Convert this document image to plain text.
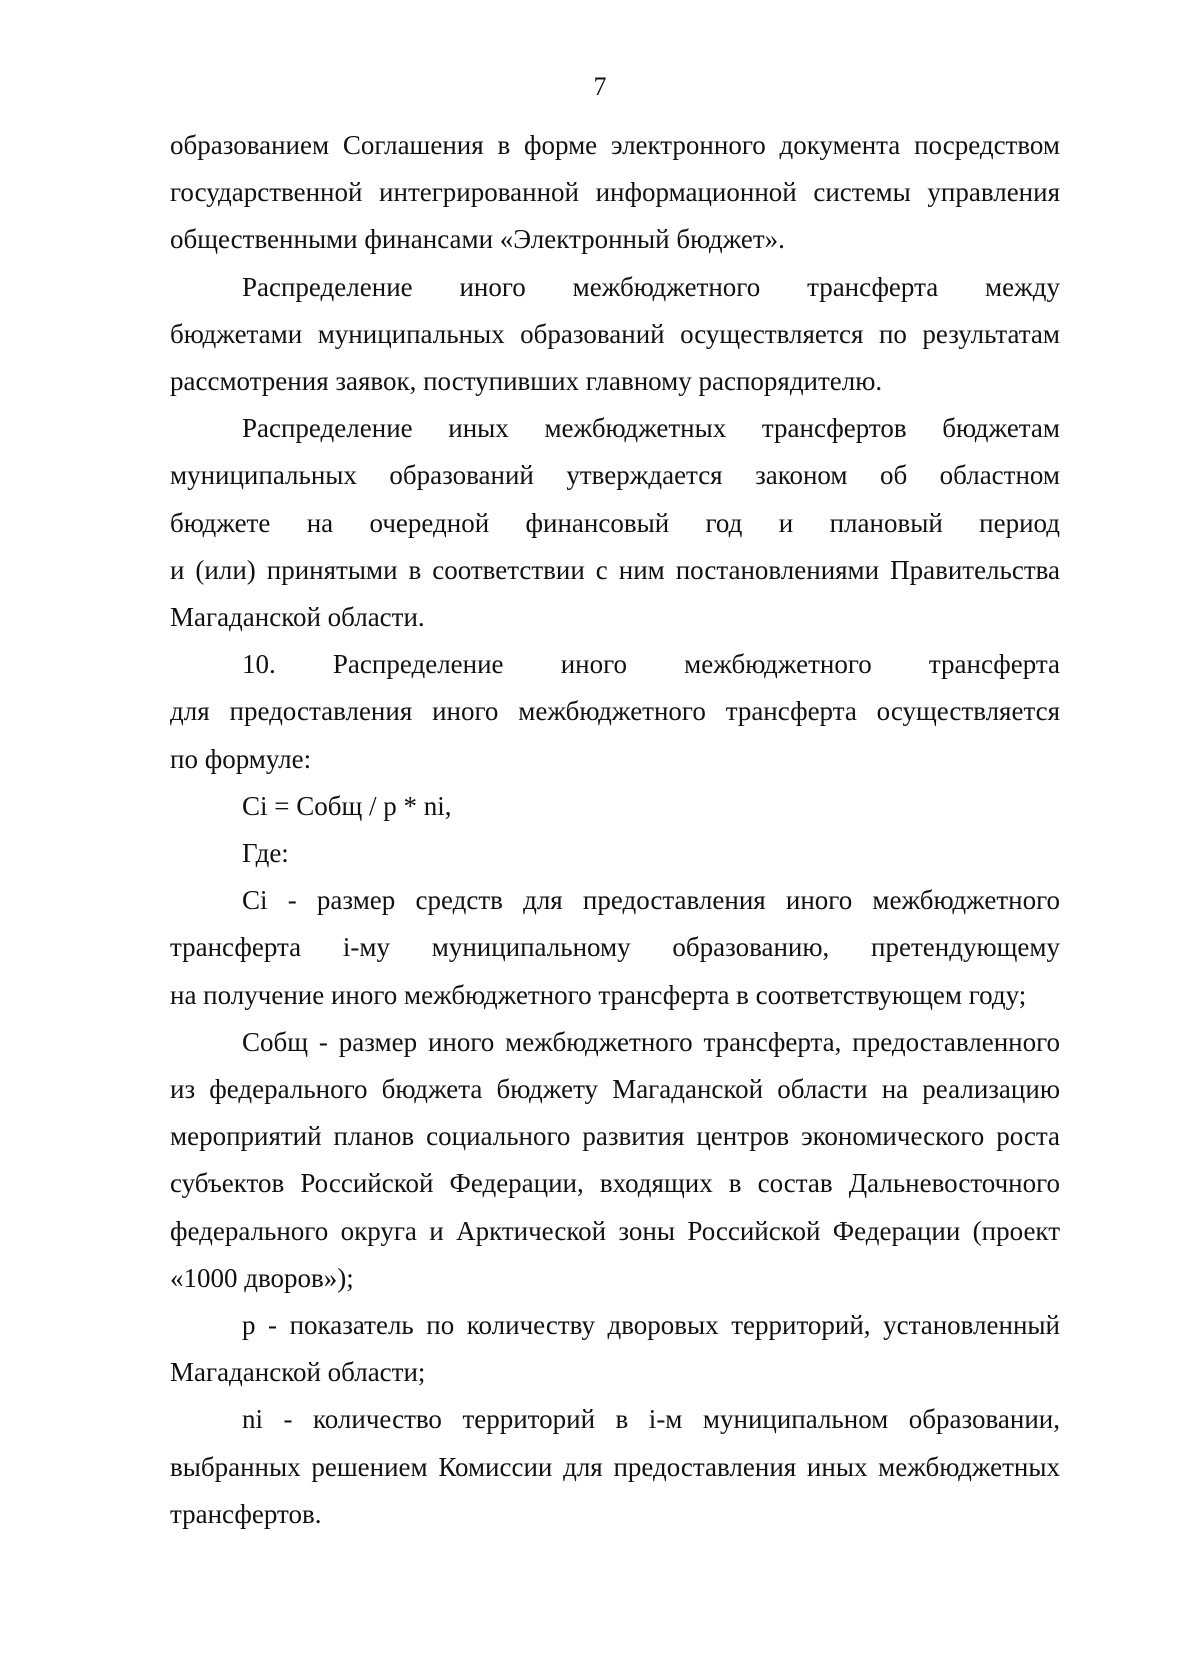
7
образованием Соглашения в форме электронного документа посредством
государственной интегрированной информационной системы управления
общественными финансами «Электронный бюджет».
Распределение иного межбюджетного трансферта между
бюджетами муниципальных образований осуществляется по результатам
рассмотрения заявок, поступивших главному распорядителю.
Распределение иных межбюджетных трансфертов бюджетам
муниципальных образований утверждается законом об областном
бюджете на очередной финансовый год и плановый период
и (или) принятыми в соответствии с ним постановлениями Правительства
Магаданской области.
10. Распределение иного межбюджетного трансферта
для предоставления иного межбюджетного трансферта осуществляется
по формуле:
Ci = Cобщ / p * ni,
Где:
Ci - размер средств для предоставления иного межбюджетного
трансферта i-му муниципальному образованию, претендующему
на получение иного межбюджетного трансферта в соответствующем году;
Cобщ - размер иного межбюджетного трансферта, предоставленного
из федерального бюджета бюджету Магаданской области на реализацию
мероприятий планов социального развития центров экономического роста
субъектов Российской Федерации, входящих в состав Дальневосточного
федерального округа и Арктической зоны Российской Федерации (проект
«1000 дворов»);
p - показатель по количеству дворовых территорий, установленный
Магаданской области;
ni - количество территорий в i-м муниципальном образовании,
выбранных решением Комиссии для предоставления иных межбюджетных
трансфертов.
